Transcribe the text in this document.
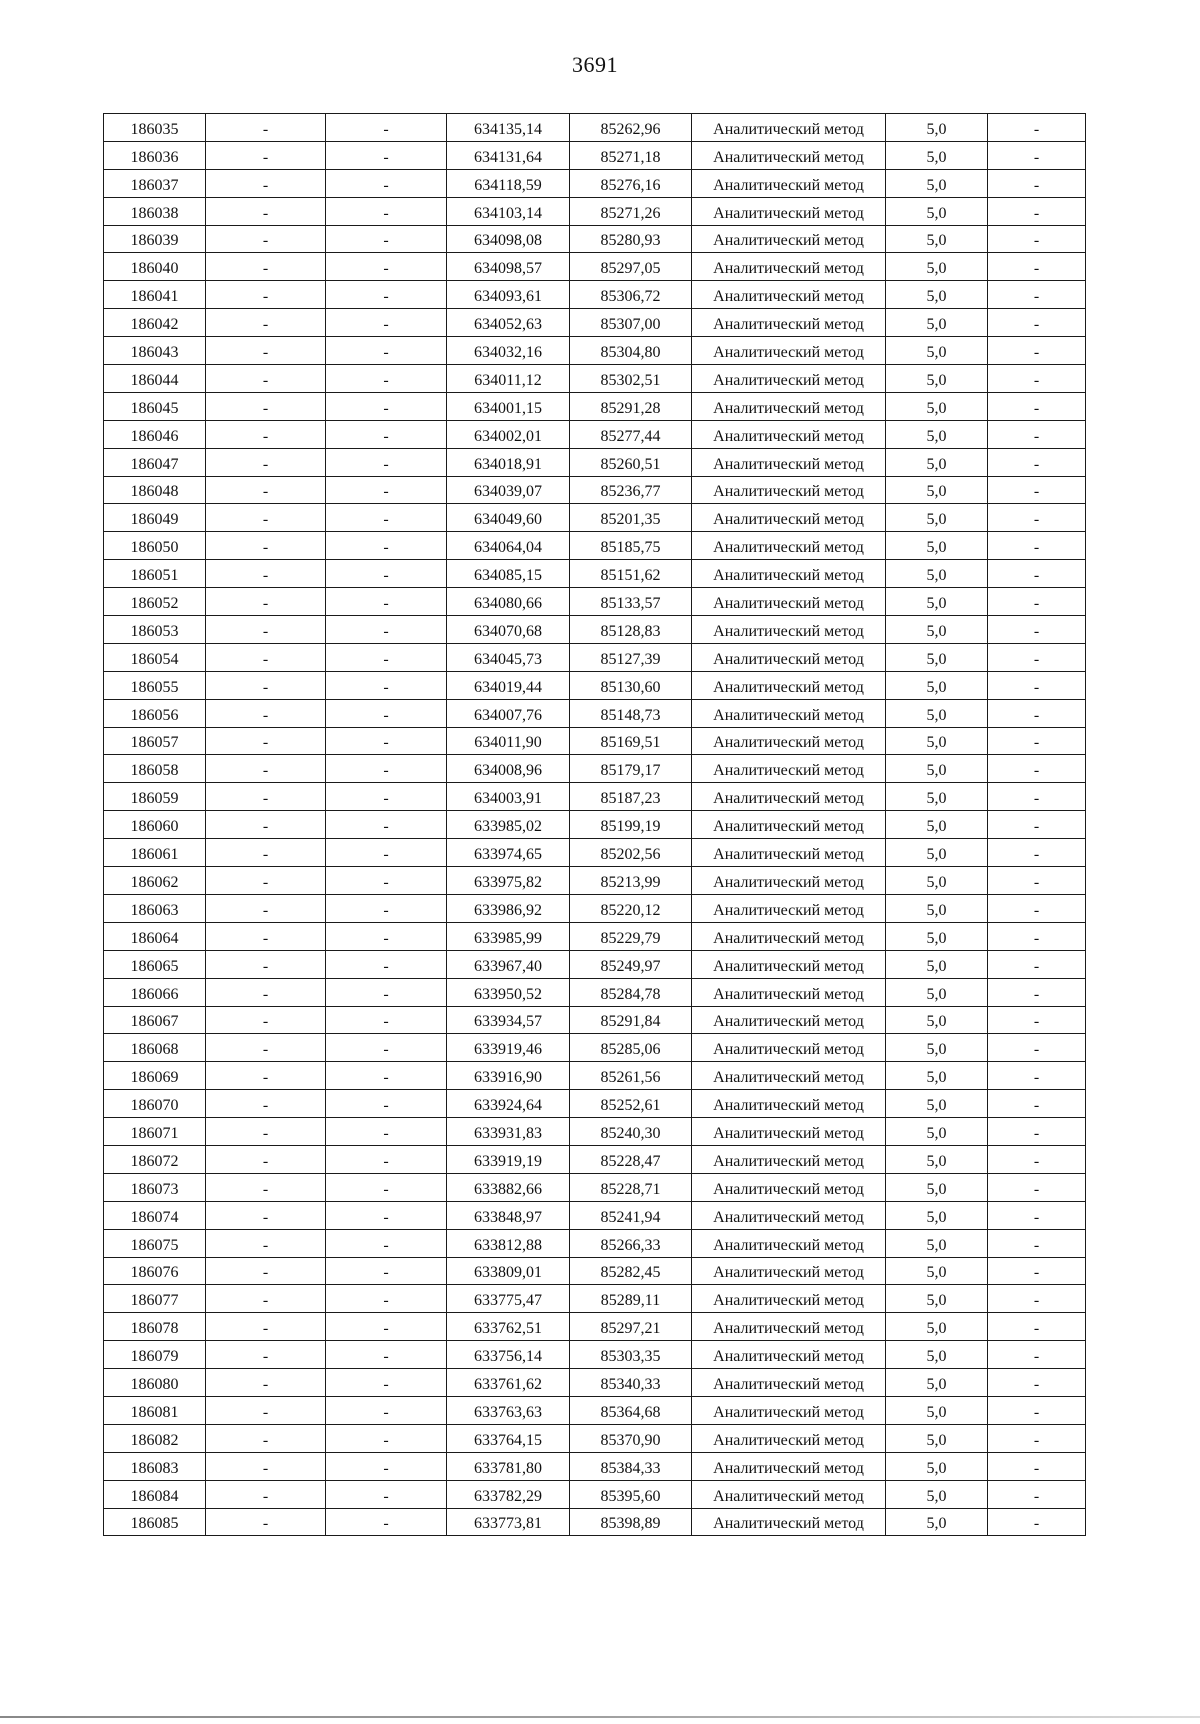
3691
186035	-	-	634135,14	85262,96	Аналитический метод	5,0	-
186036	-	-	634131,64	85271,18	Аналитический метод	5,0	-
186037	-	-	634118,59	85276,16	Аналитический метод	5,0	-
186038	-	-	634103,14	85271,26	Аналитический метод	5,0	-
186039	-	-	634098,08	85280,93	Аналитический метод	5,0	-
186040	-	-	634098,57	85297,05	Аналитический метод	5,0	-
186041	-	-	634093,61	85306,72	Аналитический метод	5,0	-
186042	-	-	634052,63	85307,00	Аналитический метод	5,0	-
186043	-	-	634032,16	85304,80	Аналитический метод	5,0	-
186044	-	-	634011,12	85302,51	Аналитический метод	5,0	-
186045	-	-	634001,15	85291,28	Аналитический метод	5,0	-
186046	-	-	634002,01	85277,44	Аналитический метод	5,0	-
186047	-	-	634018,91	85260,51	Аналитический метод	5,0	-
186048	-	-	634039,07	85236,77	Аналитический метод	5,0	-
186049	-	-	634049,60	85201,35	Аналитический метод	5,0	-
186050	-	-	634064,04	85185,75	Аналитический метод	5,0	-
186051	-	-	634085,15	85151,62	Аналитический метод	5,0	-
186052	-	-	634080,66	85133,57	Аналитический метод	5,0	-
186053	-	-	634070,68	85128,83	Аналитический метод	5,0	-
186054	-	-	634045,73	85127,39	Аналитический метод	5,0	-
186055	-	-	634019,44	85130,60	Аналитический метод	5,0	-
186056	-	-	634007,76	85148,73	Аналитический метод	5,0	-
186057	-	-	634011,90	85169,51	Аналитический метод	5,0	-
186058	-	-	634008,96	85179,17	Аналитический метод	5,0	-
186059	-	-	634003,91	85187,23	Аналитический метод	5,0	-
186060	-	-	633985,02	85199,19	Аналитический метод	5,0	-
186061	-	-	633974,65	85202,56	Аналитический метод	5,0	-
186062	-	-	633975,82	85213,99	Аналитический метод	5,0	-
186063	-	-	633986,92	85220,12	Аналитический метод	5,0	-
186064	-	-	633985,99	85229,79	Аналитический метод	5,0	-
186065	-	-	633967,40	85249,97	Аналитический метод	5,0	-
186066	-	-	633950,52	85284,78	Аналитический метод	5,0	-
186067	-	-	633934,57	85291,84	Аналитический метод	5,0	-
186068	-	-	633919,46	85285,06	Аналитический метод	5,0	-
186069	-	-	633916,90	85261,56	Аналитический метод	5,0	-
186070	-	-	633924,64	85252,61	Аналитический метод	5,0	-
186071	-	-	633931,83	85240,30	Аналитический метод	5,0	-
186072	-	-	633919,19	85228,47	Аналитический метод	5,0	-
186073	-	-	633882,66	85228,71	Аналитический метод	5,0	-
186074	-	-	633848,97	85241,94	Аналитический метод	5,0	-
186075	-	-	633812,88	85266,33	Аналитический метод	5,0	-
186076	-	-	633809,01	85282,45	Аналитический метод	5,0	-
186077	-	-	633775,47	85289,11	Аналитический метод	5,0	-
186078	-	-	633762,51	85297,21	Аналитический метод	5,0	-
186079	-	-	633756,14	85303,35	Аналитический метод	5,0	-
186080	-	-	633761,62	85340,33	Аналитический метод	5,0	-
186081	-	-	633763,63	85364,68	Аналитический метод	5,0	-
186082	-	-	633764,15	85370,90	Аналитический метод	5,0	-
186083	-	-	633781,80	85384,33	Аналитический метод	5,0	-
186084	-	-	633782,29	85395,60	Аналитический метод	5,0	-
186085	-	-	633773,81	85398,89	Аналитический метод	5,0	-
